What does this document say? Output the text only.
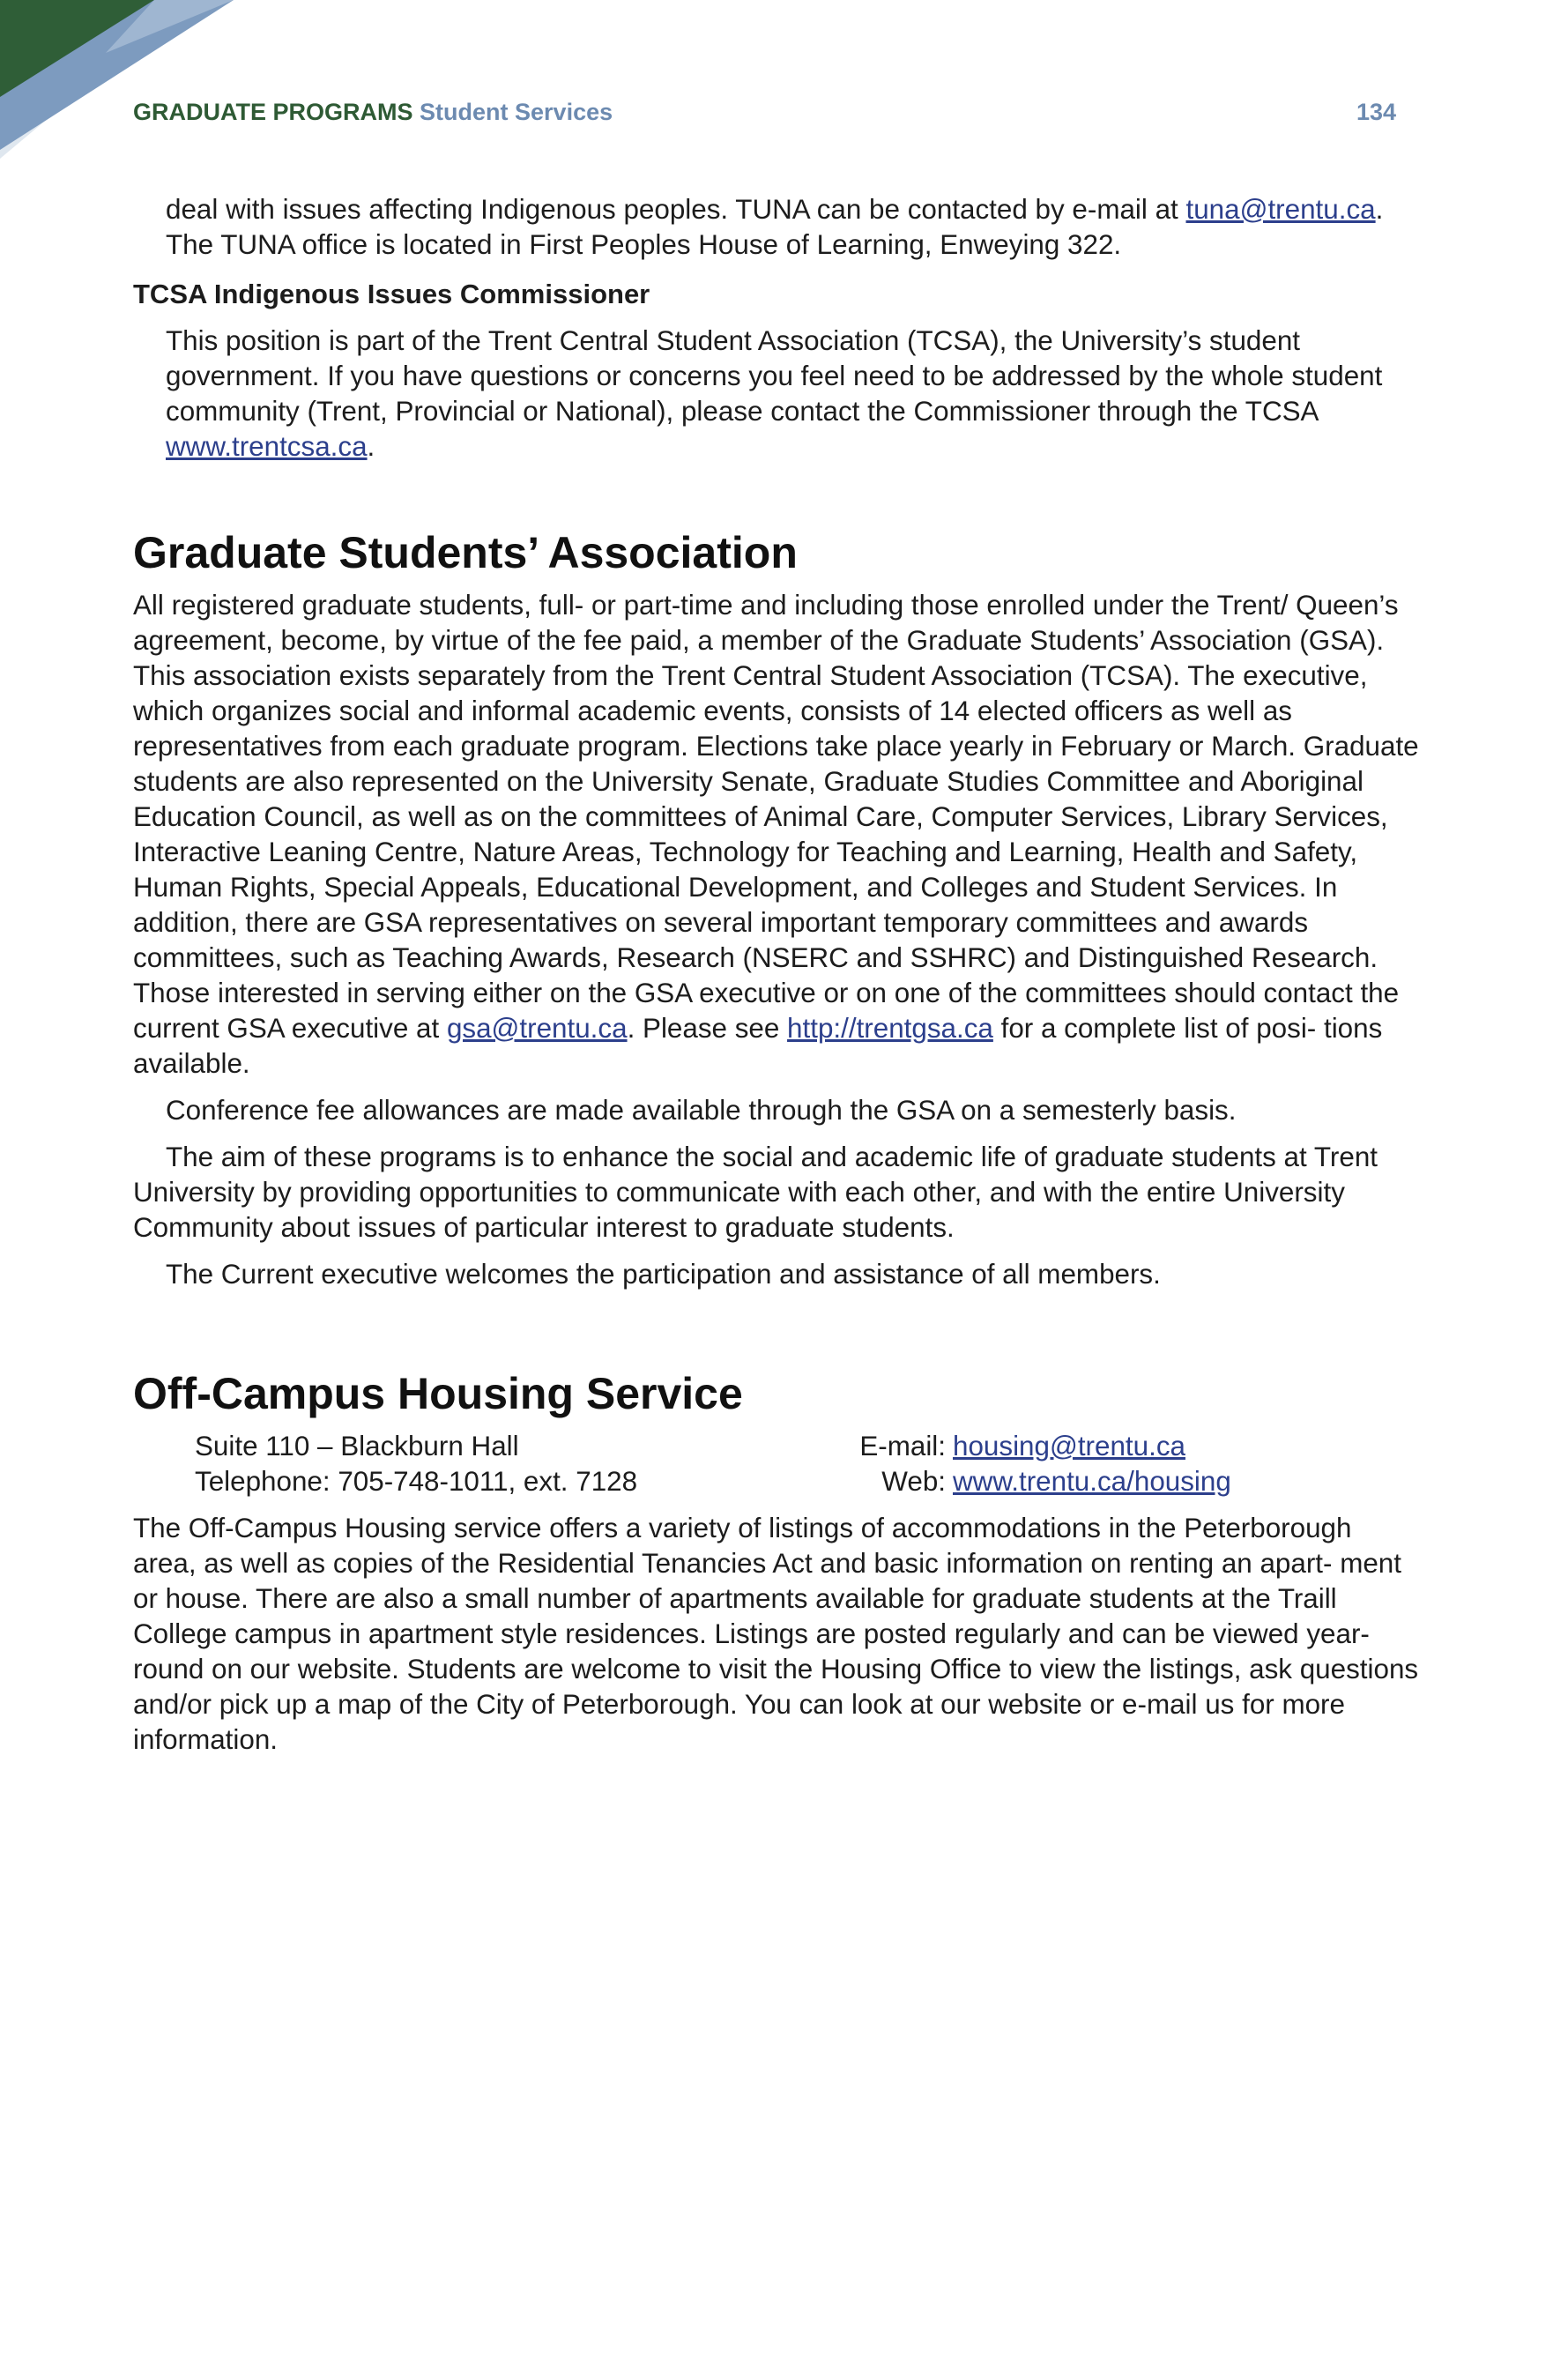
GRADUATE PROGRAMS Student Services	134

deal with issues affecting Indigenous peoples. TUNA can be contacted by e-mail at tuna@trentu.ca.

The TUNA office is located in First Peoples House of Learning, Enweying 322.

TCSA Indigenous Issues Commissioner

This position is part of the Trent Central Student Association (TCSA), the University’s student government. If you have questions or concerns you feel need to be addressed by the whole student community (Trent, Provincial or National), please contact the Commissioner through the TCSA www.trentcsa.ca.

Graduate Students’ Association

All registered graduate students, full- or part-time and including those enrolled under the Trent/ Queen’s agreement, become, by virtue of the fee paid, a member of the Graduate Students’ Association (GSA). This association exists separately from the Trent Central Student Association (TCSA). The executive, which organizes social and informal academic events, consists of 14 elected officers as well as representatives from each graduate program. Elections take place yearly in February or March. Graduate students are also represented on the University Senate, Graduate Studies Committee and Aboriginal Education Council, as well as on the committees of Animal Care, Computer Services, Library Services, Interactive Leaning Centre, Nature Areas, Technology for Teaching and Learning, Health and Safety, Human Rights, Special Appeals, Educational Development, and Colleges and Student Services. In addition, there are GSA representatives on several important temporary committees and awards committees, such as Teaching Awards, Research (NSERC and SSHRC) and Distinguished Research. Those interested in serving either on the GSA executive or on one of the committees should contact the current GSA executive at gsa@trentu.ca. Please see http://trentgsa.ca for a complete list of posi- tions available.

Conference fee allowances are made available through the GSA on a semesterly basis.

The aim of these programs is to enhance the social and academic life of graduate students at Trent University by providing opportunities to communicate with each other, and with the entire University Community about issues of particular interest to graduate students.

The Current executive welcomes the participation and assistance of all members.

Off-Campus Housing Service
Suite 110 – Blackburn Hall	E-mail: housing@trentu.ca
Telephone: 705-748-1011, ext. 7128	Web: www.trentu.ca/housing

The Off-Campus Housing service offers a variety of listings of accommodations in the Peterborough area, as well as copies of the Residential Tenancies Act and basic information on renting an apart- ment or house. There are also a small number of apartments available for graduate students at the Traill College campus in apartment style residences. Listings are posted regularly and can be viewed year-round on our website. Students are welcome to visit the Housing Office to view the listings, ask questions and/or pick up a map of the City of Peterborough. You can look at our website or e-mail us for more information.
